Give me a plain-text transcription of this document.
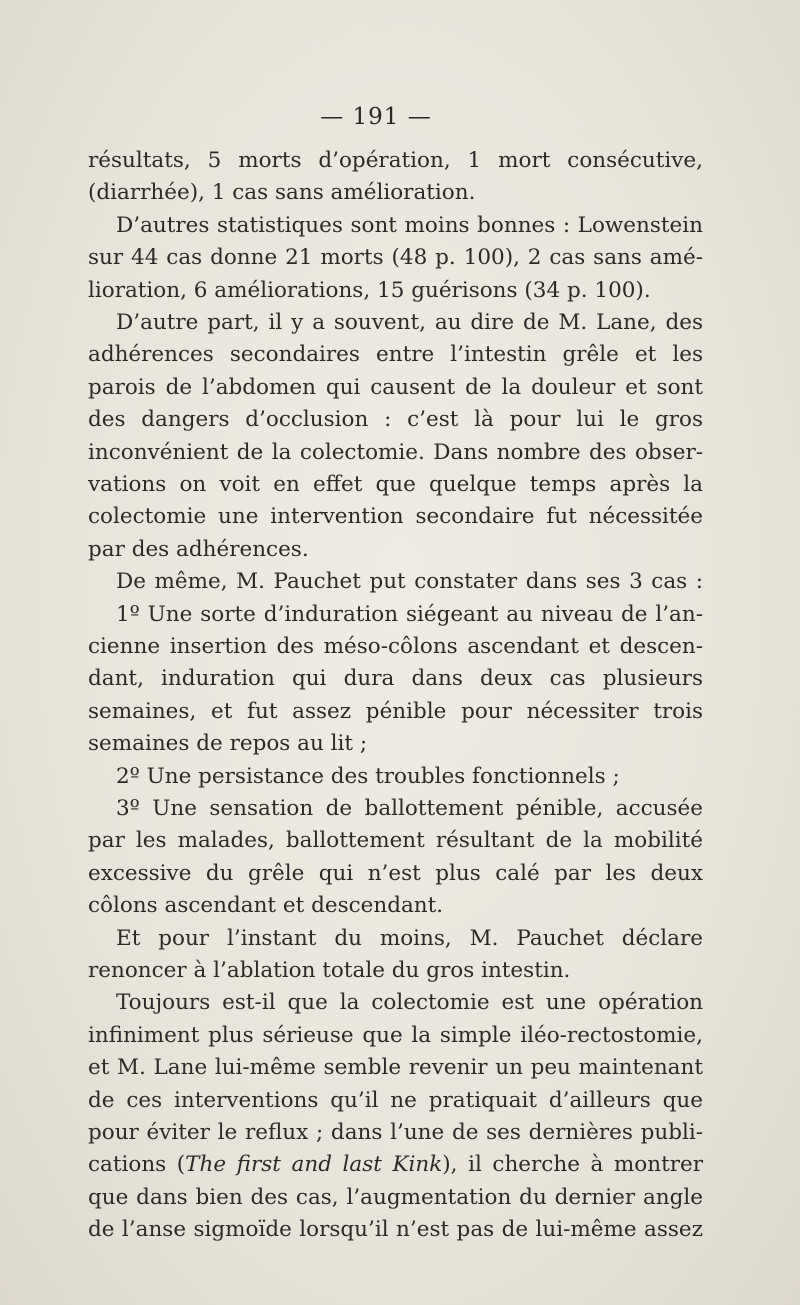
— 191 —
résultats, 5 morts d’opération, 1 mort consécutive,
(diarrhée), 1 cas sans amélioration.
D’autres statistiques sont moins bonnes : Lowenstein
sur 44 cas donne 21 morts (48 p. 100), 2 cas sans amé-
lioration, 6 améliorations, 15 guérisons (34 p. 100).
D’autre part, il y a souvent, au dire de M. Lane, des
adhérences secondaires entre l’intestin grêle et les
parois de l’abdomen qui causent de la douleur et sont
des dangers d’occlusion : c’est là pour lui le gros
inconvénient de la colectomie. Dans nombre des obser-
vations on voit en effet que quelque temps après la
colectomie une intervention secondaire fut nécessitée
par des adhérences.
De même, M. Pauchet put constater dans ses 3 cas :
1º Une sorte d’induration siégeant au niveau de l’an-
cienne insertion des méso-côlons ascendant et descen-
dant, induration qui dura dans deux cas plusieurs
semaines, et fut assez pénible pour nécessiter trois
semaines de repos au lit ;
2º Une persistance des troubles fonctionnels ;
3º Une sensation de ballottement pénible, accusée
par les malades, ballottement résultant de la mobilité
excessive du grêle qui n’est plus calé par les deux
côlons ascendant et descendant.
Et pour l’instant du moins, M. Pauchet déclare
renoncer à l’ablation totale du gros intestin.
Toujours est-il que la colectomie est une opération
infiniment plus sérieuse que la simple iléo-rectostomie,
et M. Lane lui-même semble revenir un peu maintenant
de ces interventions qu’il ne pratiquait d’ailleurs que
pour éviter le reflux ; dans l’une de ses dernières publi-
cations (The first and last Kink), il cherche à montrer
que dans bien des cas, l’augmentation du dernier angle
de l’anse sigmoïde lorsqu’il n’est pas de lui-même assez
